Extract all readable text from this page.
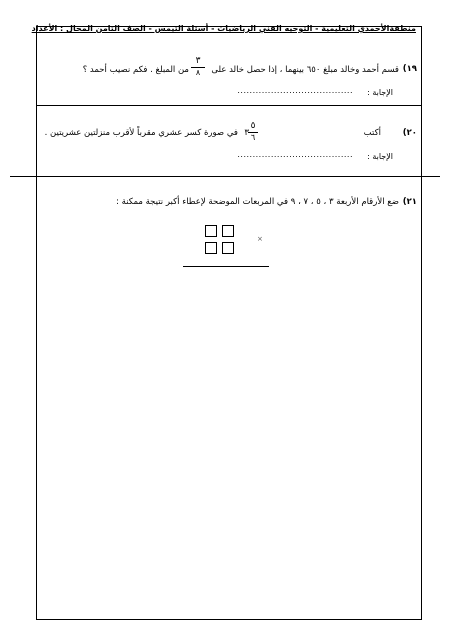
منطقةالأحمدي التعليمية - التوجيه الفني الرياضيات - أسئلة التيمس - الصف الثامن المجال : الأعداد
١٩)
قسم أحمد وخالد مبلغ ٦٥٠ بينهما ، إذا حصل خالد على
٣
٨
من المبلغ . فكم نصيب أحمد ؟
الإجابة :
......................................
٢٠)
أكتب
٥
٦
٣
في صورة كسر عشري مقرباً لأقرب منزلتين عشريتين .
الإجابة :
......................................
٢١)
ضع الأرقام الأربعة ٣ ، ٥ ، ٧ ، ٩ في المربعات الموضحة لإعطاء أكبر نتيجة ممكنة :
×
